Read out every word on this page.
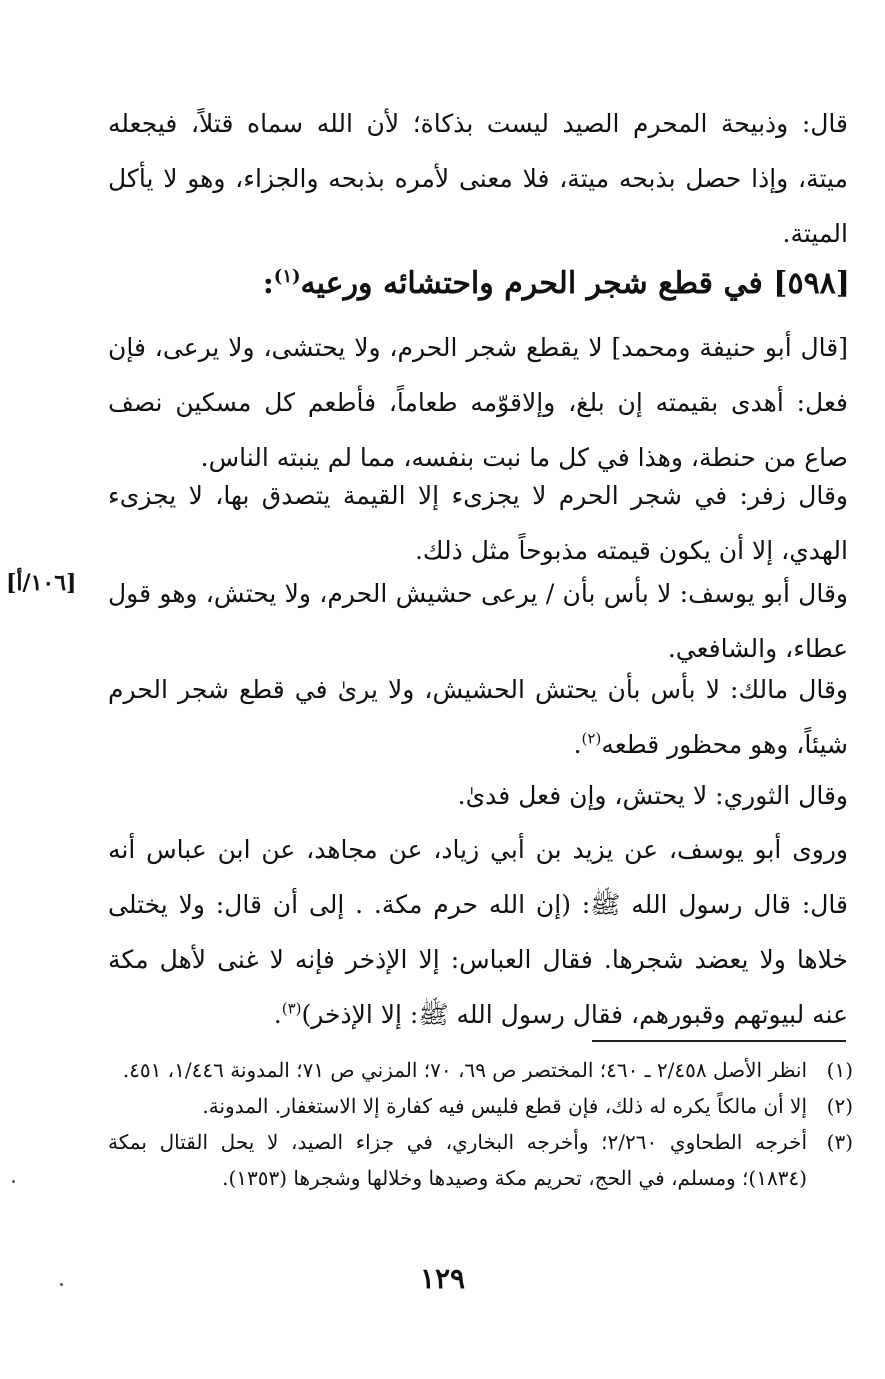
قال: وذبيحة المحرم الصيد ليست بذكاة؛ لأن الله سماه قتلاً، فيجعله ميتة، وإذا حصل بذبحه ميتة، فلا معنى لأمره بذبحه والجزاء، وهو لا يأكل الميتة.

[٥٩٨] في قطع شجر الحرم واحتشائه ورعيه$^{(١)}$:

[قال أبو حنيفة ومحمد] لا يقطع شجر الحرم، ولا يحتشى، ولا يرعى، فإن فعل: أهدى بقيمته إن بلغ، وإلاقوّمه طعاماً، فأطعم كل مسكين نصف صاع من حنطة، وهذا في كل ما نبت بنفسه، مما لم ينبته الناس.

وقال زفر: في شجر الحرم لا يجزىء إلا القيمة يتصدق بها، لا يجزىء الهدي، إلا أن يكون قيمته مذبوحاً مثل ذلك.

[١٠٦/أ] وقال أبو يوسف: لا بأس بأن / يرعى حشيش الحرم، ولا يحتش، وهو قول عطاء، والشافعي.

وقال مالك: لا بأس بأن يحتش الحشيش، ولا يرىٰ في قطع شجر الحرم شيئاً، وهو محظور قطعه$^{(٢)}$.

وقال الثوري: لا يحتش، وإن فعل فدىٰ.

وروى أبو يوسف، عن يزيد بن أبي زياد، عن مجاهد، عن ابن عباس أنه قال: قال رسول الله ﷺ: (إن الله حرم مكة. . إلى أن قال: ولا يختلى خلاها ولا يعضد شجرها. فقال العباس: إلا الإذخر فإنه لا غنى لأهل مكة عنه لبيوتهم وقبورهم، فقال رسول الله ﷺ: إلا الإذخر)$^{(٣)}$.

(١)
انظر الأصل ٢/٤٥٨ ـ ٤٦٠؛ المختصر ص ٦٩، ٧٠؛ المزني ص ٧١؛ المدونة ١/٤٤٦، ٤٥١.

(٢)
إلا أن مالكاً يكره له ذلك، فإن قطع فليس فيه كفارة إلا الاستغفار. المدونة.

(٣)
أخرجه الطحاوي ٢/٢٦٠؛ وأخرجه البخاري، في جزاء الصيد، لا يحل القتال بمكة (١٨٣٤)؛ ومسلم، في الحج، تحريم مكة وصيدها وخلالها وشجرها (١٣٥٣).

١٢٩
